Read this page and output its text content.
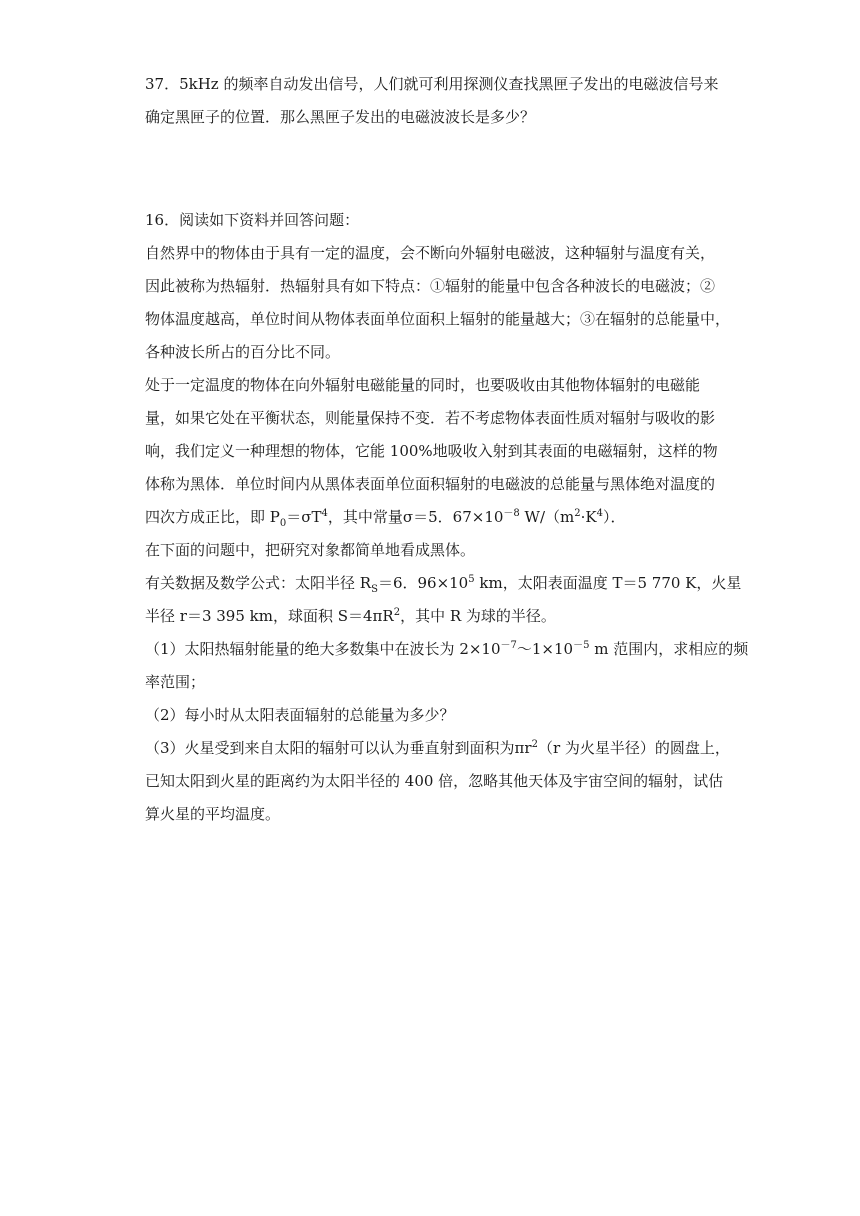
37．5kHz 的频率自动发出信号，人们就可利用探测仪查找黑匣子发出的电磁波信号来
确定黑匣子的位置．那么黑匣子发出的电磁波波长是多少？
16．阅读如下资料并回答问题：
自然界中的物体由于具有一定的温度，会不断向外辐射电磁波，这种辐射与温度有关，
因此被称为热辐射．热辐射具有如下特点：①辐射的能量中包含各种波长的电磁波；②
物体温度越高，单位时间从物体表面单位面积上辐射的能量越大；③在辐射的总能量中，
各种波长所占的百分比不同。
处于一定温度的物体在向外辐射电磁能量的同时，也要吸收由其他物体辐射的电磁能
量，如果它处在平衡状态，则能量保持不变．若不考虑物体表面性质对辐射与吸收的影
响，我们定义一种理想的物体，它能 100%地吸收入射到其表面的电磁辐射，这样的物
体称为黑体．单位时间内从黑体表面单位面积辐射的电磁波的总能量与黑体绝对温度的
四次方成正比，即 $P_0=\sigma T^4$，其中常量σ＝5．$67\times 10^{-8}$ $W/(m^2\cdot K^4)$．
在下面的问题中，把研究对象都简单地看成黑体。
有关数据及数学公式：太阳半径 $R_S=6$．$96\times 10^5$ km，太阳表面温度 T＝5 770 K，火星
半径 r＝3 395 km，球面积 $S=4\pi R^2$，其中 R 为球的半径。
（1）太阳热辐射能量的绝大多数集中在波长为 $2\times 10^{-7}\sim 1\times 10^{-5}$ m 范围内，求相应的频
率范围；
（2）每小时从太阳表面辐射的总能量为多少？
（3）火星受到来自太阳的辐射可以认为垂直射到面积为$\pi r^2(r$ 为火星半径）的圆盘上，
已知太阳到火星的距离约为太阳半径的 400 倍，忽略其他天体及宇宙空间的辐射，试估
算火星的平均温度。
